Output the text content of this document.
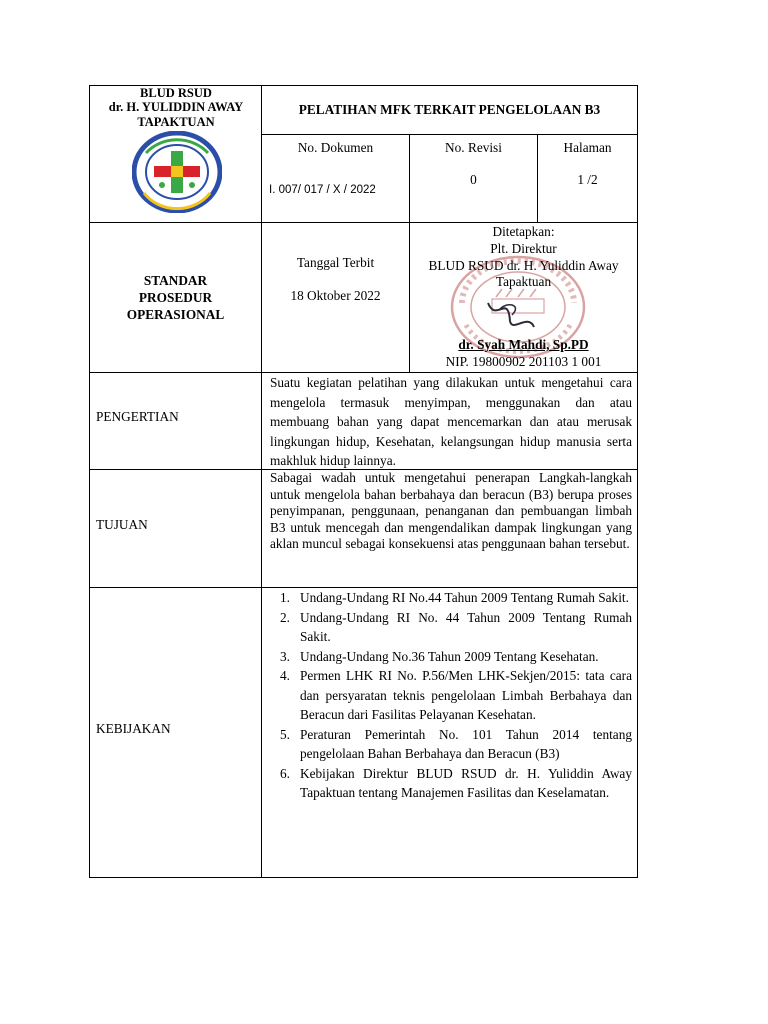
BLUD RSUD
dr. H. YULIDDIN AWAY
TAPAKTUAN
PELATIHAN MFK TERKAIT PENGELOLAAN B3
No. Dokumen
I. 007/ 017 / X / 2022
No. Revisi
0
Halaman
1 /2
STANDAR
PROSEDUR
OPERASIONAL
Tanggal Terbit
18 Oktober 2022
Ditetapkan:
Plt. Direktur
BLUD RSUD dr. H. Yuliddin Away
Tapaktuan
dr. Syah Mahdi, Sp.PD
NIP. 19800902 201103 1 001
PENGERTIAN
Suatu kegiatan pelatihan yang dilakukan untuk mengetahui cara mengelola termasuk menyimpan, menggunakan dan atau membuang bahan yang dapat mencemarkan dan atau merusak lingkungan hidup, Kesehatan, kelangsungan hidup manusia serta makhluk hidup lainnya.
TUJUAN
Sabagai wadah untuk mengetahui penerapan Langkah-langkah untuk mengelola bahan berbahaya dan beracun (B3) berupa proses penyimpanan, penggunaan, penanganan dan pembuangan limbah B3 untuk mencegah dan mengendalikan dampak lingkungan yang aklan muncul sebagai konsekuensi atas penggunaan bahan tersebut.
KEBIJAKAN
1. Undang-Undang RI No.44 Tahun 2009 Tentang Rumah Sakit.
2. Undang-Undang RI No. 44 Tahun 2009 Tentang Rumah Sakit.
3. Undang-Undang No.36 Tahun 2009 Tentang Kesehatan.
4. Permen LHK RI No. P.56/Men LHK-Sekjen/2015: tata cara dan persyaratan teknis pengelolaan Limbah Berbahaya dan Beracun dari Fasilitas Pelayanan Kesehatan.
5. Peraturan Pemerintah No. 101 Tahun 2014 tentang pengelolaan Bahan Berbahaya dan Beracun (B3)
6. Kebijakan Direktur BLUD RSUD dr. H. Yuliddin Away Tapaktuan tentang Manajemen Fasilitas dan Keselamatan.
